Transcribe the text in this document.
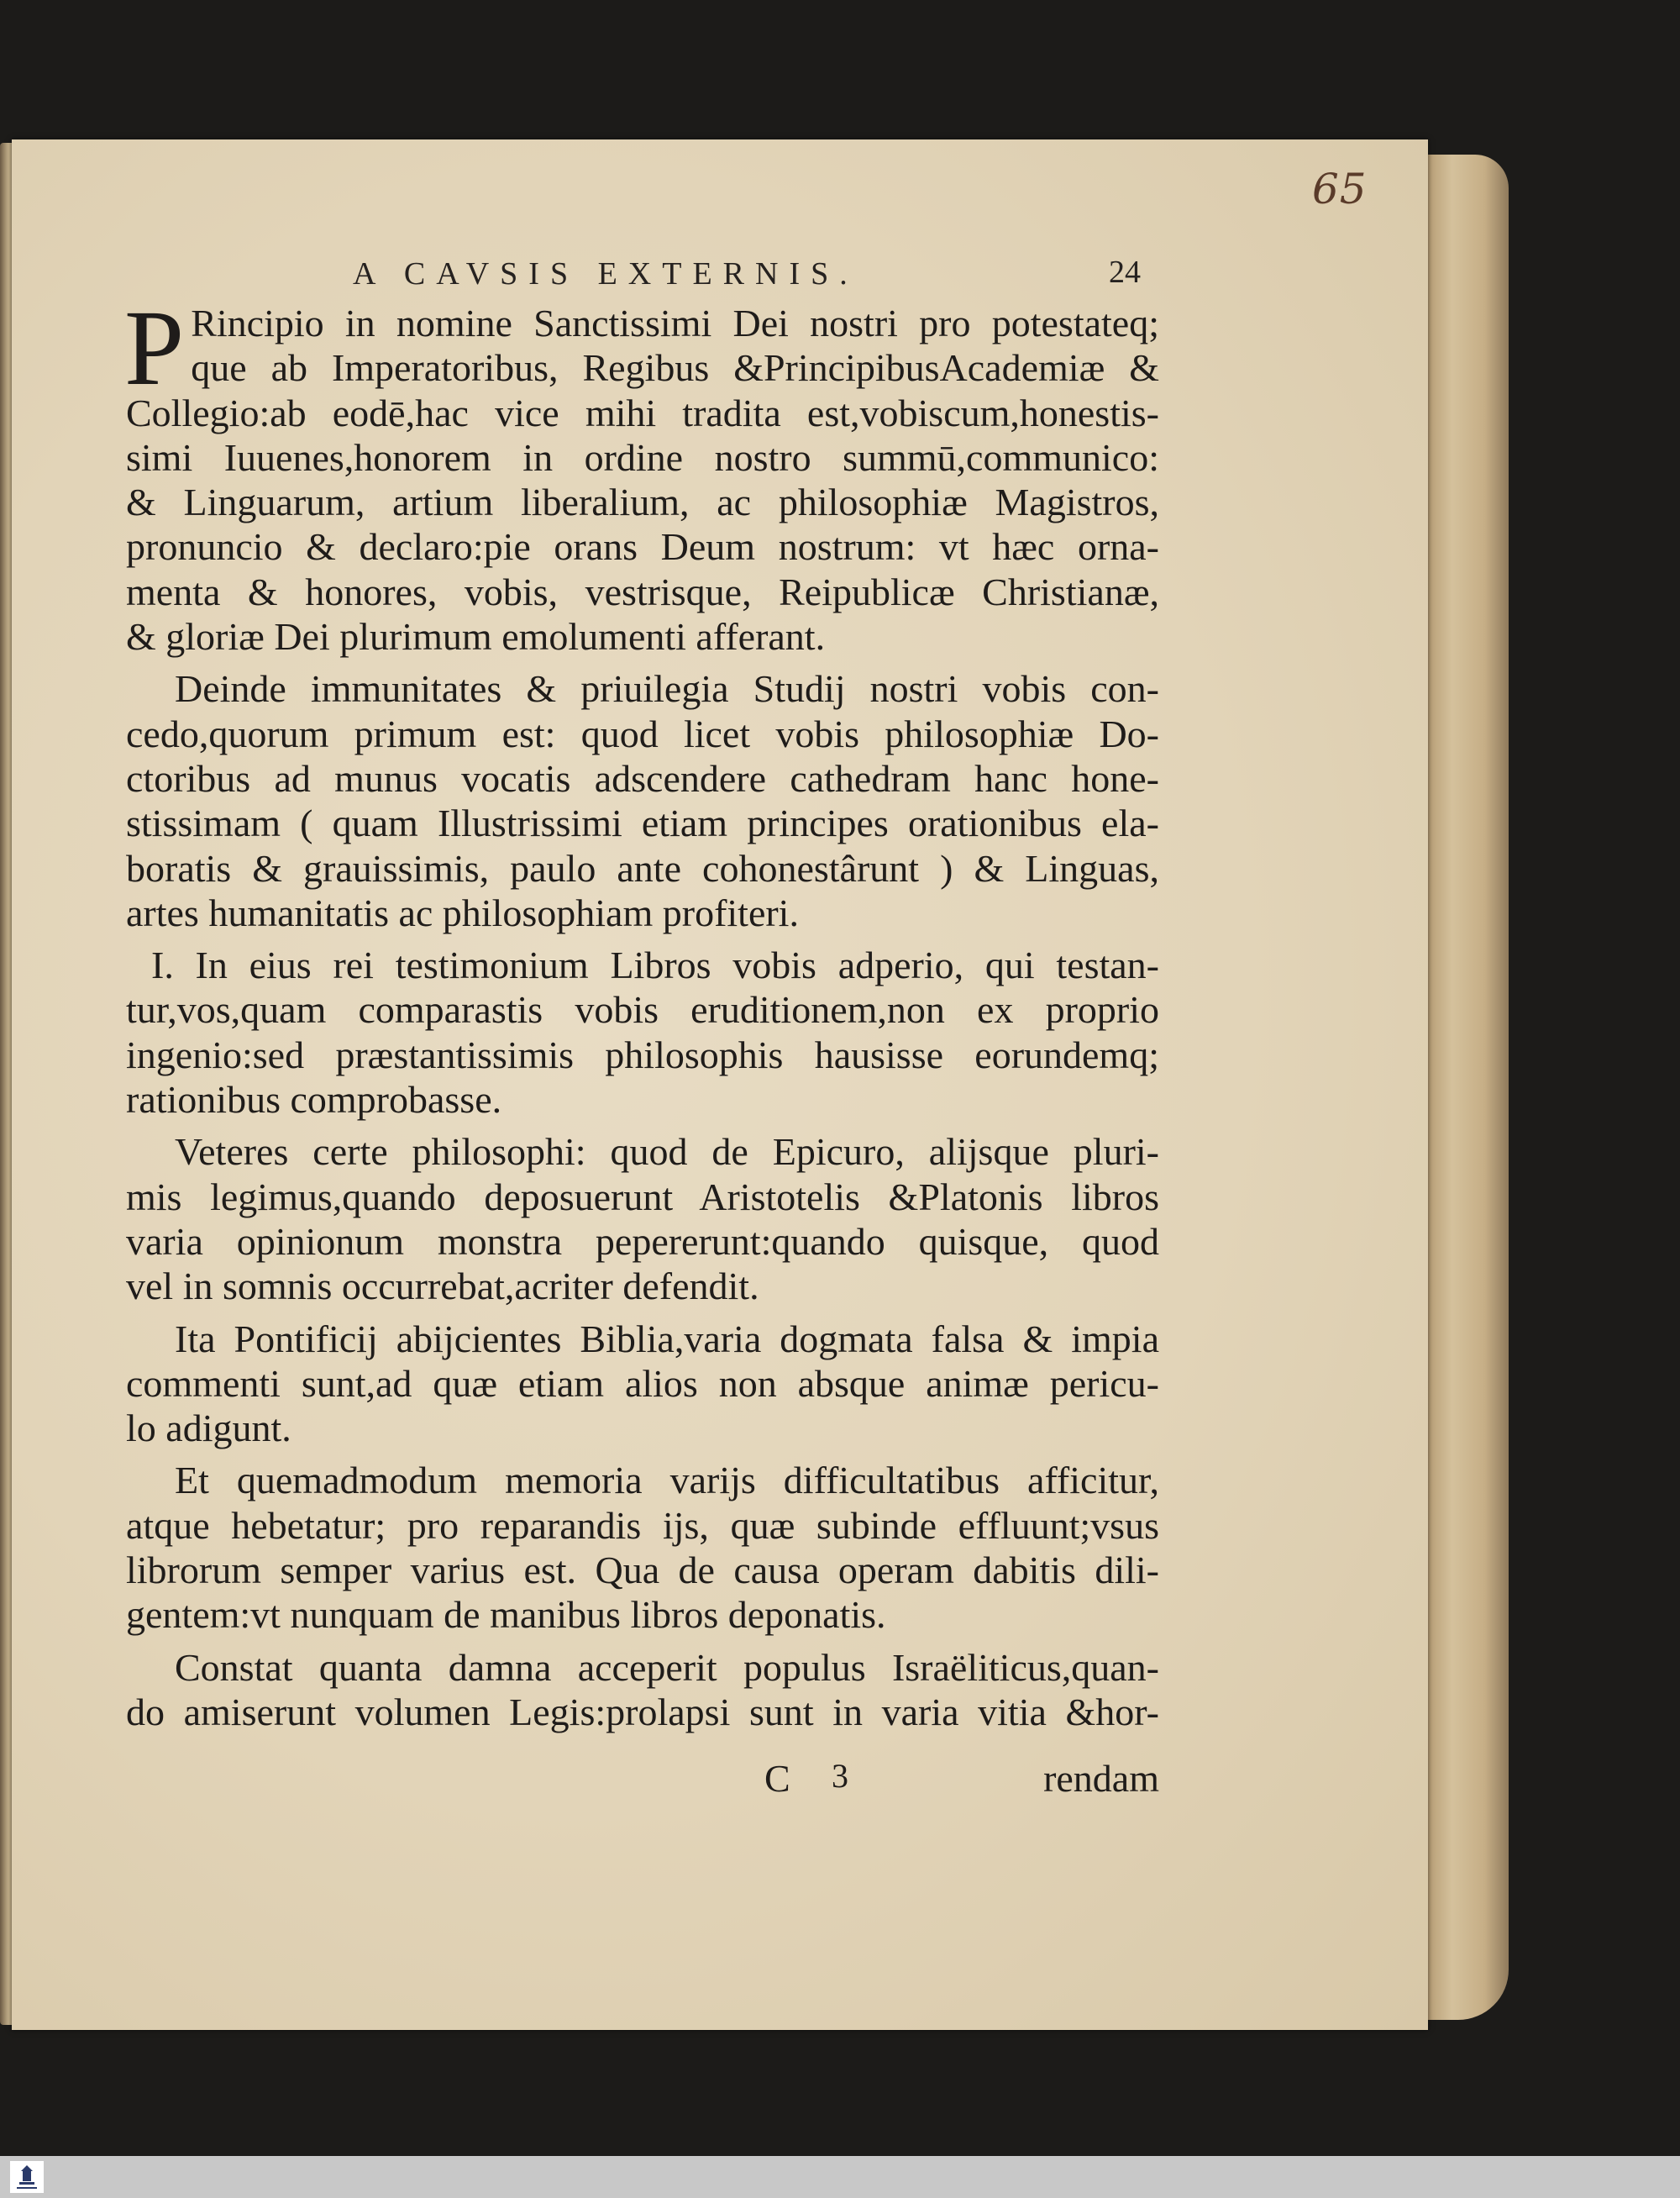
65
A CAVSIS EXTERNIS.	24
P Rincipio in nomine Sanctissimi Dei nostri pro potestateq;
que ab Imperatoribus, Regibus &PrincipibusAcademiæ &
Collegio:ab eodē,hac vice mihi tradita est,vobiscum,honestis-
simi Iuuenes,honorem in ordine nostro summū,communico:
& Linguarum, artium liberalium, ac philosophiæ Magistros,
pronuncio & declaro:pie orans Deum nostrum: vt hæc orna-
menta & honores, vobis, vestrisque, Reipublicæ Christianæ,
& gloriæ Dei plurimum emolumenti afferant.
Deinde immunitates & priuilegia Studij nostri vobis con-
cedo,quorum primum est: quod licet vobis philosophiæ Do-
ctoribus ad munus vocatis adscendere cathedram hanc hone-
stissimam ( quam Illustrissimi etiam principes orationibus ela-
boratis & grauissimis, paulo ante cohonestârunt ) & Linguas,
artes humanitatis ac philosophiam profiteri.
I. In eius rei testimonium Libros vobis adperio, qui testan-
tur,vos,quam comparastis vobis eruditionem,non ex proprio
ingenio:sed præstantissimis philosophis hausisse eorundemq;
rationibus comprobasse.
Veteres certe philosophi: quod de Epicuro, alijsque pluri-
mis legimus,quando deposuerunt Aristotelis &Platonis libros
varia opinionum monstra pepererunt:quando quisque, quod
vel in somnis occurrebat,acriter defendit.
Ita Pontificij abijcientes Biblia,varia dogmata falsa & impia
commenti sunt,ad quæ etiam alios non absque animæ pericu-
lo adigunt.
Et quemadmodum memoria varijs difficultatibus afficitur,
atque hebetatur; pro reparandis ijs, quæ subinde effluunt;vsus
librorum semper varius est. Qua de causa operam dabitis dili-
gentem:vt nunquam de manibus libros deponatis.
Constat quanta damna acceperit populus Israëliticus,quan-
do amiserunt volumen Legis:prolapsi sunt in varia vitia &hor-
C 3	rendam
